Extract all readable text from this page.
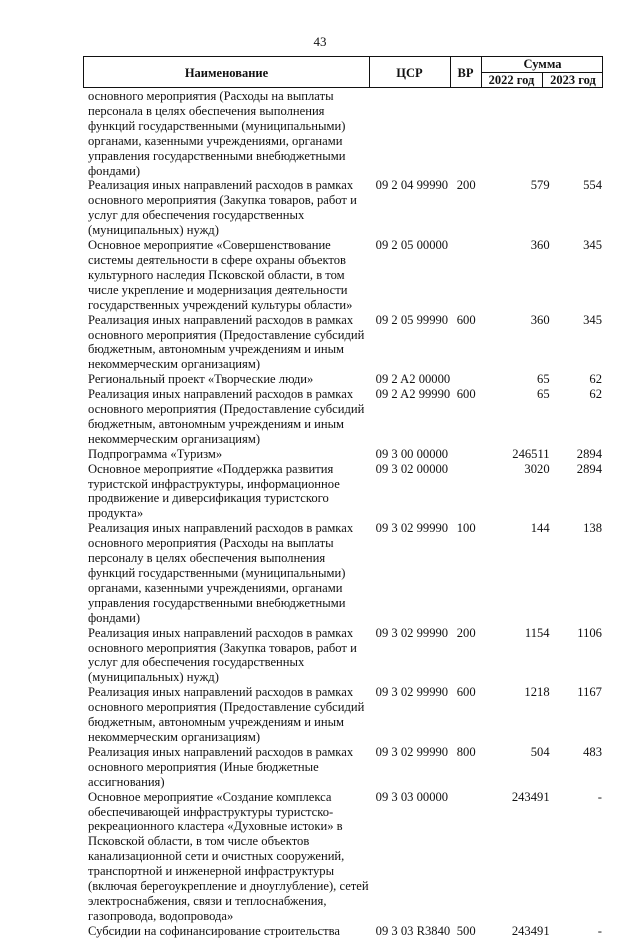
43
Наименование	ЦСР	ВР
Сумма
2022 год	2023 год
основного мероприятия (Расходы на выплаты персонала в целях обеспечения выполнения функций государственными (муниципальными) органами, казенными учреждениями, органами управления государственными внебюджетными фондами)
Реализация иных направлений расходов в рамках основного мероприятия (Закупка товаров, работ и услуг для обеспечения государственных (муниципальных) нужд)
09 2 04 99990 200	579	554
Основное мероприятие «Совершенствование системы деятельности в сфере охраны объектов культурного наследия Псковской области, в том числе укрепление и модернизация деятельности государственных учреждений культуры области»
09 2 05 00000	360	345
Реализация иных направлений расходов в рамках основного мероприятия (Предоставление субсидий бюджетным, автономным учреждениям и иным некоммерческим организациям)
09 2 05 99990 600	360	345
Региональный проект «Творческие люди»	09 2 A2 00000	65	62
Реализация иных направлений расходов в рамках основного мероприятия (Предоставление субсидий бюджетным, автономным учреждениям и иным некоммерческим организациям)
09 2 A2 99990 600	65	62
Подпрограмма «Туризм»	09 3 00 00000	246511	2894
Основное мероприятие «Поддержка развития туристской инфраструктуры, информационное продвижение и диверсификация туристского продукта»
09 3 02 00000	3020	2894
Реализация иных направлений расходов в рамках основного мероприятия (Расходы на выплаты персоналу в целях обеспечения выполнения функций государственными (муниципальными) органами, казенными учреждениями, органами управления государственными внебюджетными фондами)
09 3 02 99990 100	144	138
Реализация иных направлений расходов в рамках основного мероприятия (Закупка товаров, работ и услуг для обеспечения государственных (муниципальных) нужд)
09 3 02 99990 200	1154	1106
Реализация иных направлений расходов в рамках основного мероприятия (Предоставление субсидий бюджетным, автономным учреждениям и иным некоммерческим организациям)
09 3 02 99990 600	1218	1167
Реализация иных направлений расходов в рамках основного мероприятия (Иные бюджетные ассигнования)
09 3 02 99990 800	504	483
Основное мероприятие «Создание комплекса обеспечивающей инфраструктуры туристско-рекреационного кластера «Духовные истоки» в Псковской области, в том числе объектов канализационной сети и очистных сооружений, транспортной и инженерной инфраструктуры (включая берегоукрепление и дноуглубление), сетей электроснабжения, связи и теплоснабжения, газопровода, водопровода»
09 3 03 00000	243491	-
Субсидии на софинансирование строительства	09 3 03 R3840 500	243491	-
